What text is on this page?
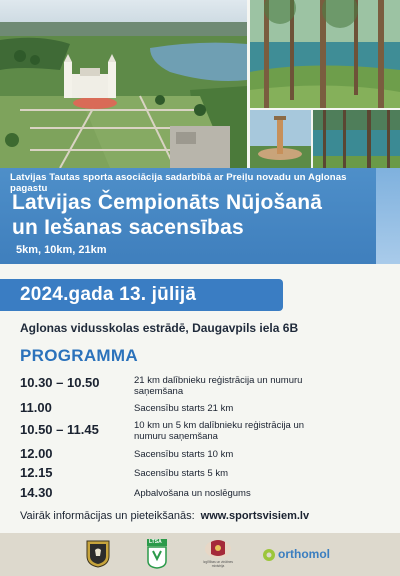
Latvijas Tautas sporta asociācija sadarbībā ar Preiļu novadu un Aglonas pagastu
Latvijas Čempionāts Nūjošanā
un Iešanas sacensības
5km, 10km, 21km
2024.gada 13. jūlijā
Aglonas vidusskolas estrādē, Daugavpils iela 6B
PROGRAMMA
10.30 – 10.50	21 km dalībnieku reģistrācija un numuru saņemšana
11.00	Sacensību starts 21 km
10.50 – 11.45	10 km un 5 km dalībnieku reģistrācija un numuru saņemšana
12.00	Sacensību starts 10 km
12.15	Sacensību starts 5 km
14.30	Apbalvošana un noslēgums
Vairāk informācijas un pieteikšanās: www.sportsvisiem.lv
LTSA
Izglītības un zinātnes ministrija
orthomol
